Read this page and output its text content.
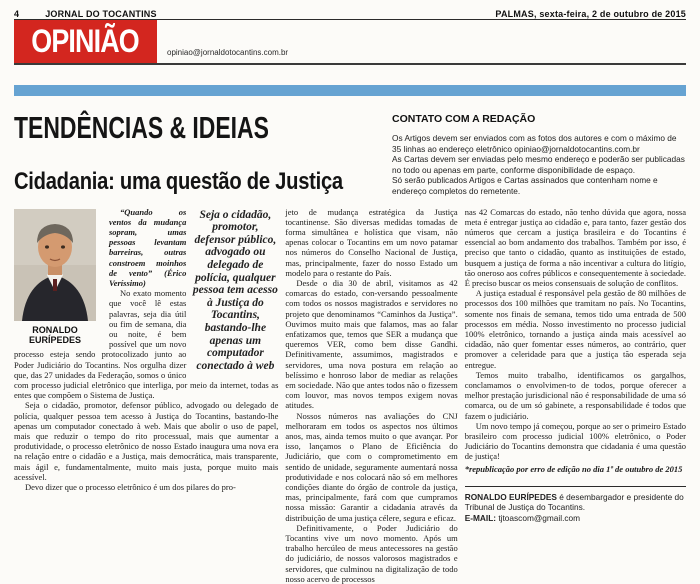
4	JORNAL DO TOCANTINS	PALMAS, sexta-feira, 2 de outubro de 2015
OPINIÃO	opiniao@jornaldotocantins.com.br
TENDÊNCIAS & IDEIAS
Cidadania: uma questão de Justiça
CONTATO COM A REDAÇÃO
Os Artigos devem ser enviados com as fotos dos autores e com o máximo de 35 linhas ao endereço eletrônico opiniao@jornaldotocantins.com.br
As Cartas devem ser enviadas pelo mesmo endereço e poderão ser publicadas no todo ou apenas em parte, conforme disponibilidade de espaço.
Só serão publicados Artigos e Cartas assinados que contenham nome e endereço completos do remetente.
RONALDO EURÍPEDES
Seja o cidadão, promotor, defensor público, advogado ou delegado de polícia, qualquer pessoa tem acesso à Justiça do Tocantins, bastando-lhe apenas um computador conectado à web

“Quando os ventos da mudança sopram, umas pessoas levantam barreiras, outras constroem moinhos de vento” (Érico Veríssimo)

No exato momento que você lê estas palavras, seja dia útil ou fim de semana, dia ou noite, é bem possível que um novo processo esteja sendo protocolizado junto ao Poder Judiciário do Tocantins. Nos orgulha dizer que, das 27 unidades da Federação, somos o único com processo judicial eletrônico que interliga, por meio da internet, todas as entes que compõem o Sistema de Justiça.

Seja o cidadão, promotor, defensor público, advogado ou delegado de polícia, qualquer pessoa tem acesso à Justiça do Tocantins, bastando-lhe apenas um computador conectado à web. Mais que abolir o uso de papel, mais que reduzir o tempo do rito processual, mais que aumentar a produtividade, o processo eletrônico de nosso Estado inaugura uma nova era na relação entre o cidadão e a Justiça, mais democrática, mais transparente, mais ágil e, fundamentalmente, muito mais justa, porque muito mais acessível.

Devo dizer que o processo eletrônico é um dos pilares do pro-

jeto de mudança estratégica da Justiça tocantinense. São diversas medidas tomadas de forma simultânea e holística que visam, não apenas colocar o Tocantins em um novo patamar nos números do Conselho Nacional de Justiça, mas, principalmente, fazer do nosso Estado um modelo para o restante do País.

Desde o dia 30 de abril, visitamos as 42 comarcas do estado, con-versando pessoalmente com todos os nossos magistrados e servidores no projeto que denominamos “Caminhos da Justiça”. Ouvimos muito mais que falamos, mas ao falar enfatizamos que, temos que SER a mudança que queremos VER, como bem disse Gandhi. Definitivamente, assumimos, magistrados e servidores, uma nova postura em relação ao belíssimo e honroso labor de mediar as relações em sociedade. Não que antes todos não o fizessem com louvor, mas novos tempos exigem novas atitudes.

Nossos números nas avaliações do CNJ melhoraram em todos os aspectos nos últimos anos, mas, ainda temos muito o que avançar. Por isso, lançamos o Plano de Eficiência do Judiciário, que com o comprometimento em sentido de unidade, seguramente aumentará nossa produtividade e nos colocará não só em melhores condições diante do órgão de controle da justiça, mas, principalmente, fará com que cumpramos nossa missão: Garantir a cidadania através da distribuição de uma justiça célere, segura e eficaz.

Definitivamente, o Poder Judiciário do Tocantins vive um novo momento. Após um trabalho hercúleo de meus antecessores na gestão do judiciário, de nossos valorosos magistrados e servidores, que culminou na digitalização de todo nosso acervo de processos

nas 42 Comarcas do estado, não tenho dúvida que agora, nossa meta é entregar justiça ao cidadão e, para tanto, fazer gestão dos números que cercam a justiça brasileira e do Tocantins é essencial ao bom andamento dos trabalhos. Também por isso, é preciso que tanto o cidadão, quanto as instituições de estado, busquem a justiça de forma a não incentivar a cultura do litígio, tão oneroso aos cofres públicos e consequentemente à sociedade. É preciso buscar os meios consensuais de solução de conflitos.

A justiça estadual é responsável pela gestão de 80 milhões de processos dos 100 milhões que tramitam no país. No Tocantins, somente nos finais de semana, temos tido uma entrada de 500 processos em média. Nosso investimento no processo judicial 100% eletrônico, tornando a justiça ainda mais acessível ao cidadão, não quer fomentar esses números, ao contrário, quer promover a celeridade para que a justiça tão esperada seja entregue.

Temos muito trabalho, identificamos os gargalhos, conclamamos o envolvimen-to de todos, porque oferecer a melhor prestação jurisdicional não é responsabilidade de uma só comarca, ou de um só gabinete, a responsabilidade é todos que fazem o judiciário.

Um novo tempo já começou, porque ao ser o primeiro Estado brasileiro com processo judicial 100% eletrônico, o Poder Judiciário do Tocantins demonstra que cidadania é uma questão de justiça!

*republicação por erro de edição no dia 1º de outubro de 2015

RONALDO EURÍPEDES é desembargador e presidente do Tribunal de Justiça do Tocantins.
E-MAIL: tjtoascom@gmail.com
